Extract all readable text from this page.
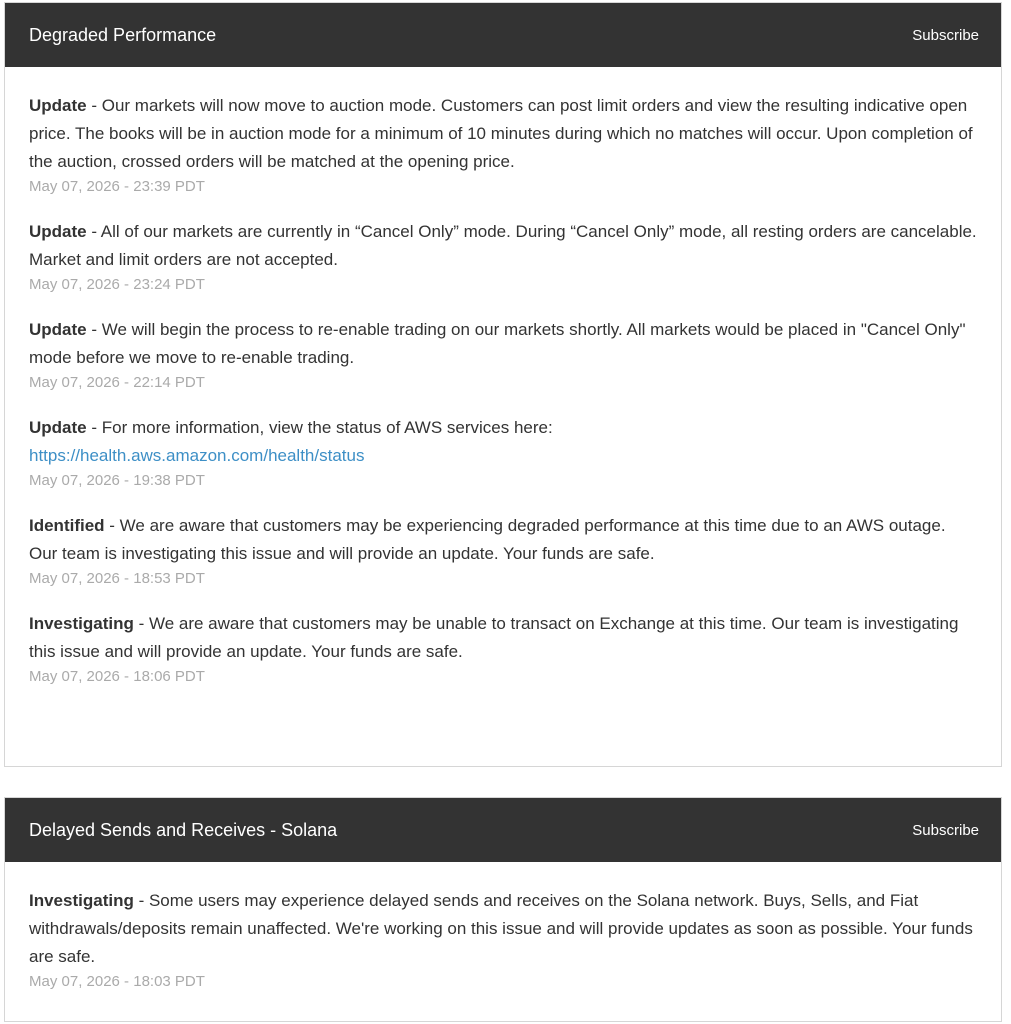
Degraded Performance	Subscribe
Update - Our markets will now move to auction mode. Customers can post limit orders and view the resulting indicative open price. The books will be in auction mode for a minimum of 10 minutes during which no matches will occur. Upon completion of the auction, crossed orders will be matched at the opening price.
May 07, 2026 - 23:39 PDT
Update - All of our markets are currently in “Cancel Only” mode. During “Cancel Only” mode, all resting orders are cancelable.  Market and limit orders are not accepted.
May 07, 2026 - 23:24 PDT
Update - We will begin the process to re-enable trading on our markets shortly. All markets would be placed in "Cancel Only" mode before we move to re-enable trading.
May 07, 2026 - 22:14 PDT
Update - For more information, view the status of AWS services here:
https://health.aws.amazon.com/health/status
May 07, 2026 - 19:38 PDT
Identified - We are aware that customers may be experiencing degraded performance at this time due to an AWS outage. Our team is investigating this issue and will provide an update. Your funds are safe.
May 07, 2026 - 18:53 PDT
Investigating - We are aware that customers may be unable to transact on Exchange at this time. Our team is investigating this issue and will provide an update. Your funds are safe.
May 07, 2026 - 18:06 PDT
Delayed Sends and Receives - Solana	Subscribe
Investigating - Some users may experience delayed sends and receives on the Solana network. Buys, Sells, and Fiat withdrawals/deposits remain unaffected. We're working on this issue and will provide updates as soon as possible. Your funds are safe.
May 07, 2026 - 18:03 PDT
